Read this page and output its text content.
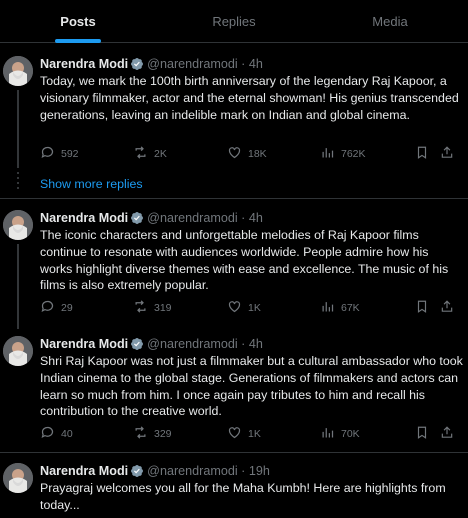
Posts	Replies	Media
Narendra Modi @narendramodi · 4h
Today, we mark the 100th birth anniversary of the legendary Raj Kapoor, a visionary filmmaker, actor and the eternal showman! His genius transcended generations, leaving an indelible mark on Indian and global cinema.
592	2K	18K	762K
Show more replies
Narendra Modi @narendramodi · 4h
The iconic characters and unforgettable melodies of Raj Kapoor films continue to resonate with audiences worldwide. People admire how his works highlight diverse themes with ease and excellence. The music of his films is also extremely popular.
29	319	1K	67K
Narendra Modi @narendramodi · 4h
Shri Raj Kapoor was not just a filmmaker but a cultural ambassador who took Indian cinema to the global stage. Generations of filmmakers and actors can learn so much from him. I once again pay tributes to him and recall his contribution to the creative world.
40	329	1K	70K
Narendra Modi @narendramodi · 19h
Prayagraj welcomes you all for the Maha Kumbh! Here are highlights from today...
